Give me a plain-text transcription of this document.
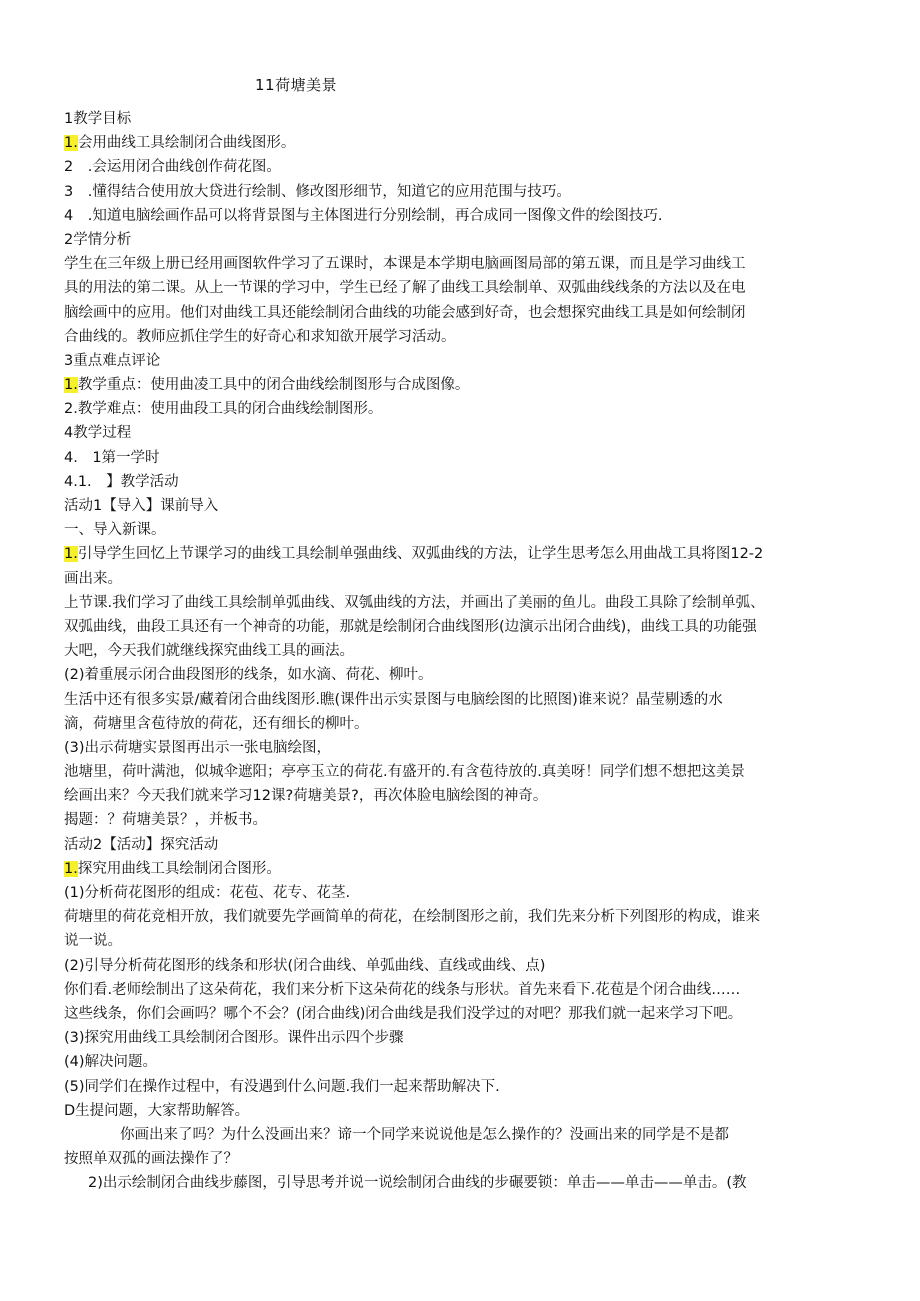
11荷塘美景
1教学目标
1.会用曲线工具绘制闭合曲线图形。
2　.会运用闭合曲线创作荷花图。
3　.懂得结合使用放大贷进行绘制、修改图形细节，知道它的应用范围与技巧。
4　.知道电脑绘画作品可以将背景图与主体图进行分别绘制，再合成同一图像文件的绘图技巧.
2学情分析
学生在三年级上册已经用画图软件学习了五课时，本课是本学期电脑画图局部的第五课，而且是学习曲线工
具的用法的第二课。从上一节课的学习中，学生已经了解了曲线工具绘制单、双弧曲线线条的方法以及在电
脑绘画中的应用。他们对曲线工具还能绘制闭合曲线的功能会感到好奇，也会想探究曲线工具是如何绘制闭
合曲线的。教师应抓住学生的好奇心和求知欲开展学习活动。
3重点难点评论
1.教学重点：使用曲凌工具中的闭合曲线绘制图形与合成图像。
2.教学难点：使用曲段工具的闭合曲线绘制图形。
4教学过程
4.　1第一学时
4.1.　】教学活动
活动1【导入】课前导入
一、导入新课。
1.引导学生回忆上节课学习的曲线工具绘制单强曲线、双弧曲线的方法，让学生思考怎么用曲战工具将图12-2
画出来。
上节课.我们学习了曲线工具绘制单弧曲线、双瓠曲线的方法，并画出了美丽的鱼儿。曲段工具除了绘制单弧、
双弧曲线，曲段工具还有一个神奇的功能，那就是绘制闭合曲线图形(边演示出闭合曲线)，曲线工具的功能强
大吧，今天我们就继线探究曲线工具的画法。
(2)着重展示闭合曲段图形的线条，如水滴、荷花、柳叶。
生活中还有很多实景/藏着闭合曲线图形.瞧(课件出示实景图与电脑绘图的比照图)谁来说？晶莹剔透的水
滴，荷塘里含苞待放的荷花，还有细长的柳叶。
(3)出示荷塘实景图再出示一张电脑绘图，
池塘里，荷叶满池，似城伞遮阳；亭亭玉立的荷花.有盛开的.有含苞待放的.真美呀！同学们想不想把这美景
绘画出来？今天我们就来学习12课?荷塘美景?，再次体脸电脑绘图的神奇。
揭题：？荷塘美景？，并板书。
活动2【活动】探究活动
1.探究用曲线工具绘制闭合图形。
(1)分析荷花图形的组成：花苞、花专、花茎.
荷塘里的荷花竞相开放，我们就要先学画简单的荷花，在绘制图形之前，我们先来分析下列图形的构成，谁来
说一说。
(2)引导分析荷花图形的线条和形状(闭合曲线、单弧曲线、直线或曲线、点)
你们看.老师绘制出了这朵荷花，我们来分析下这朵荷花的线条与形状。首先来看下.花苞是个闭合曲线……
这些线条，你们会画吗？哪个不会？(闭合曲线)闭合曲线是我们没学过的对吧？那我们就一起来学习下吧。
(3)探究用曲线工具绘制闭合图形。课件出示四个步骤
(4)解决问题。
(5)同学们在操作过程中，有没遇到什么问题.我们一起来帮助解决下.
D生提问题，大家帮助解答。
你画出来了吗？为什么没画出来？谛一个同学来说说他是怎么操作的？没画出来的同学是不是都
按照单双孤的画法操作了？
2)出示绘制闭合曲线步藤图，引导思考并说一说绘制闭合曲线的步碾要锁：单击——单击——单击。(教
